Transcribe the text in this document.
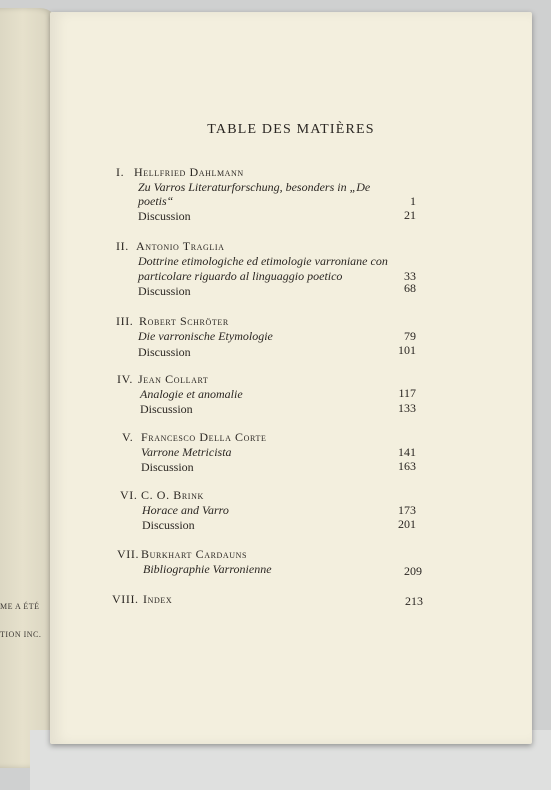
ME A ÉTÉ
TION INC.
TABLE DES MATIÈRES
I. Hellfried Dahlmann
Zu Varros Literaturforschung, besonders in „De
poetis“	1
Discussion	21
II. Antonio Traglia
Dottrine etimologiche ed etimologie varroniane con
particolare riguardo al linguaggio poetico	33
Discussion	68
III. Robert Schröter
Die varronische Etymologie	79
Discussion	101
IV. Jean Collart
Analogie et anomalie	117
Discussion	133
V. Francesco Della Corte
Varrone Metricista	141
Discussion	163
VI. C. O. Brink
Horace and Varro	173
Discussion	201
VII. Burkhart Cardauns
Bibliographie Varronienne	209
VIII. Index	213
